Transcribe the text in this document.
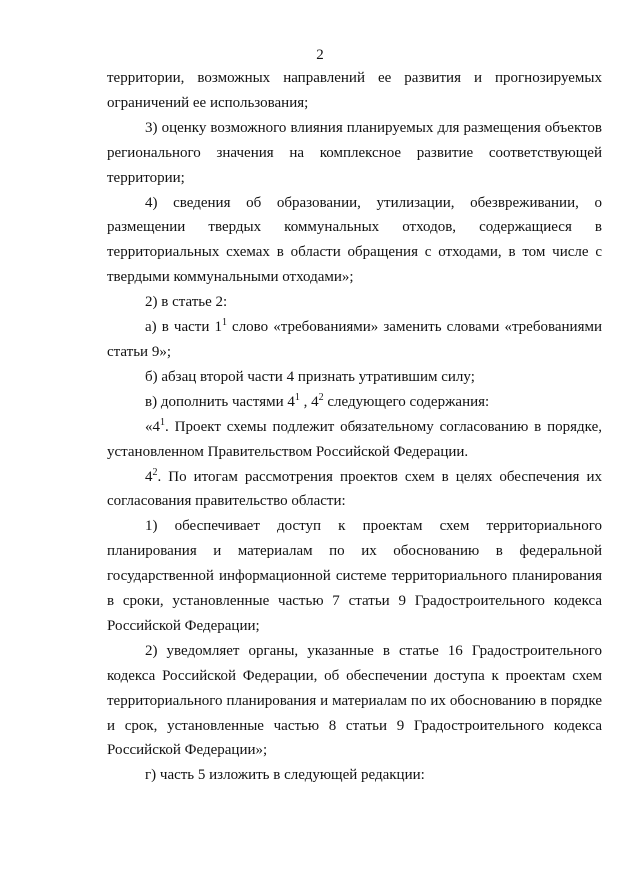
2

территории, возможных направлений ее развития и прогнозируемых ограничений ее использования;

3) оценку возможного влияния планируемых для размещения объектов регионального значения на комплексное развитие соответствующей территории;

4) сведения об образовании, утилизации, обезвреживании, о размещении твердых коммунальных отходов, содержащиеся в территориальных схемах в области обращения с отходами, в том числе с твердыми коммунальными отходами»;

2) в статье 2:

а) в части $1^1$ слово «требованиями» заменить словами «требованиями статьи 9»;

б) абзац второй части 4 признать утратившим силу;

в) дополнить частями $4^1$ , $4^2$ следующего содержания:

«$4^1$. Проект схемы подлежит обязательному согласованию в порядке, установленном Правительством Российской Федерации.

$4^2$. По итогам рассмотрения проектов схем в целях обеспечения их согласования правительство области:

1) обеспечивает доступ к проектам схем территориального планирования и материалам по их обоснованию в федеральной государственной информационной системе территориального планирования в сроки, установленные частью 7 статьи 9 Градостроительного кодекса Российской Федерации;

2) уведомляет органы, указанные в статье 16 Градостроительного кодекса Российской Федерации, об обеспечении доступа к проектам схем территориального планирования и материалам по их обоснованию в порядке и срок, установленные частью 8 статьи 9 Градостроительного кодекса Российской Федерации»;

г) часть 5 изложить в следующей редакции:
